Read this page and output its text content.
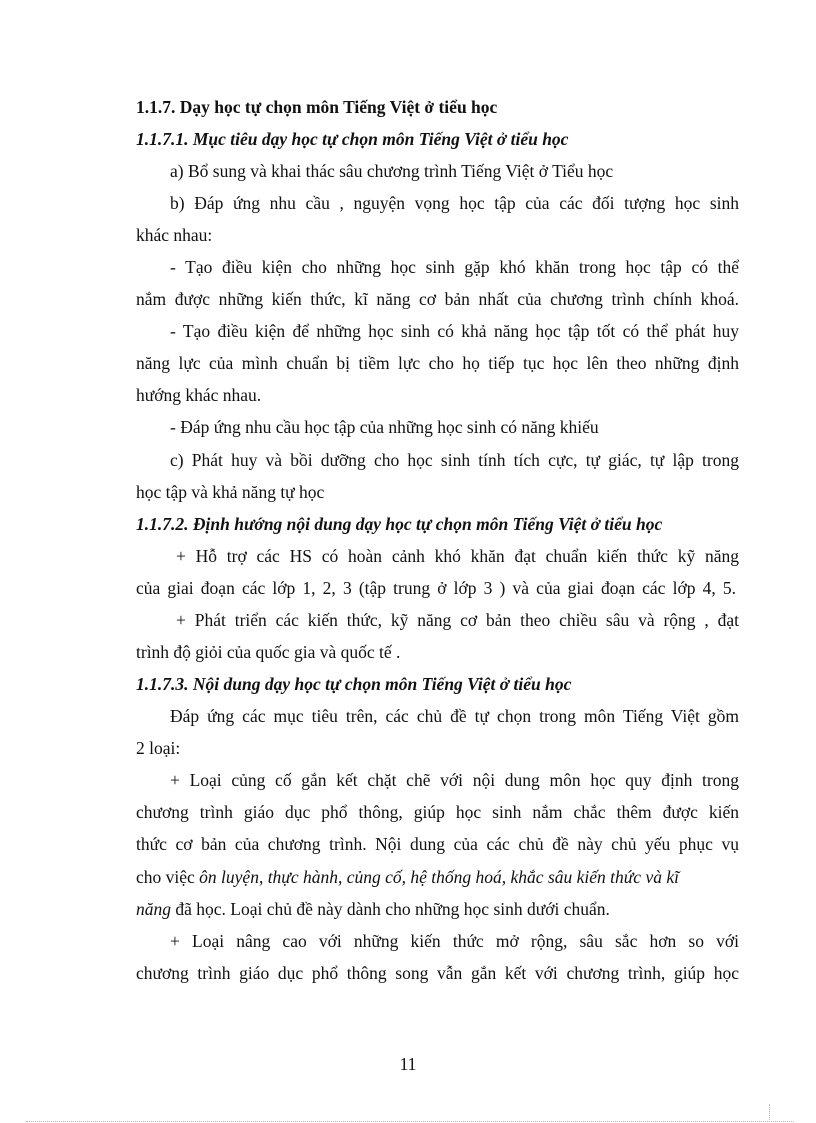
1.1.7. Dạy học tự chọn môn Tiếng Việt ở tiểu học
1.1.7.1. Mục tiêu dạy học tự chọn môn Tiếng Việt ở tiểu học
a) Bổ sung và khai thác sâu chương trình Tiếng Việt ở Tiểu học
b) Đáp ứng nhu cầu , nguyện vọng học tập của các đối tượng học sinh
khác nhau:
- Tạo điều kiện cho những học sinh gặp khó khăn trong học tập có thể
nắm được những kiến thức, kĩ năng cơ bản nhất của chương trình chính khoá.
- Tạo điều kiện để những học sinh có khả năng học tập tốt có thể phát huy
năng lực của mình chuẩn bị tiềm lực cho họ tiếp tục học lên theo những định
hướng khác nhau.
- Đáp ứng nhu cầu học tập của những học sinh có năng khiếu
c) Phát huy và bồi dưỡng cho học sinh tính tích cực, tự giác, tự lập trong
học tập và khả năng tự học
1.1.7.2. Định hướng nội dung dạy học tự chọn môn Tiếng Việt ở tiểu học
+ Hỗ trợ các HS có hoàn cảnh khó khăn đạt chuẩn kiến thức kỹ năng
của giai đoạn các lớp 1, 2, 3 (tập trung ở lớp 3 ) và của giai đoạn các lớp 4, 5.
+ Phát triển các kiến thức, kỹ năng cơ bản theo chiều sâu và rộng , đạt
trình độ giỏi của quốc gia và quốc tế .
1.1.7.3. Nội dung dạy học tự chọn môn Tiếng Việt ở tiểu học
Đáp ứng các mục tiêu trên, các chủ đề tự chọn trong môn Tiếng Việt gồm
2 loại:
+ Loại củng cố gắn kết chặt chẽ với nội dung môn học quy định trong
chương trình giáo dục phổ thông, giúp học sinh nắm chắc thêm được kiến
thức cơ bản của chương trình. Nội dung của các chủ đề này chủ yếu phục vụ
cho việc ôn luyện, thực hành, củng cố, hệ thống hoá, khắc sâu kiến thức và kĩ
năng đã học. Loại chủ đề này dành cho những học sinh dưới chuẩn.
+ Loại nâng cao với những kiến thức mở rộng, sâu sắc hơn so với
chương trình giáo dục phổ thông song vẫn gắn kết với chương trình, giúp học
11
